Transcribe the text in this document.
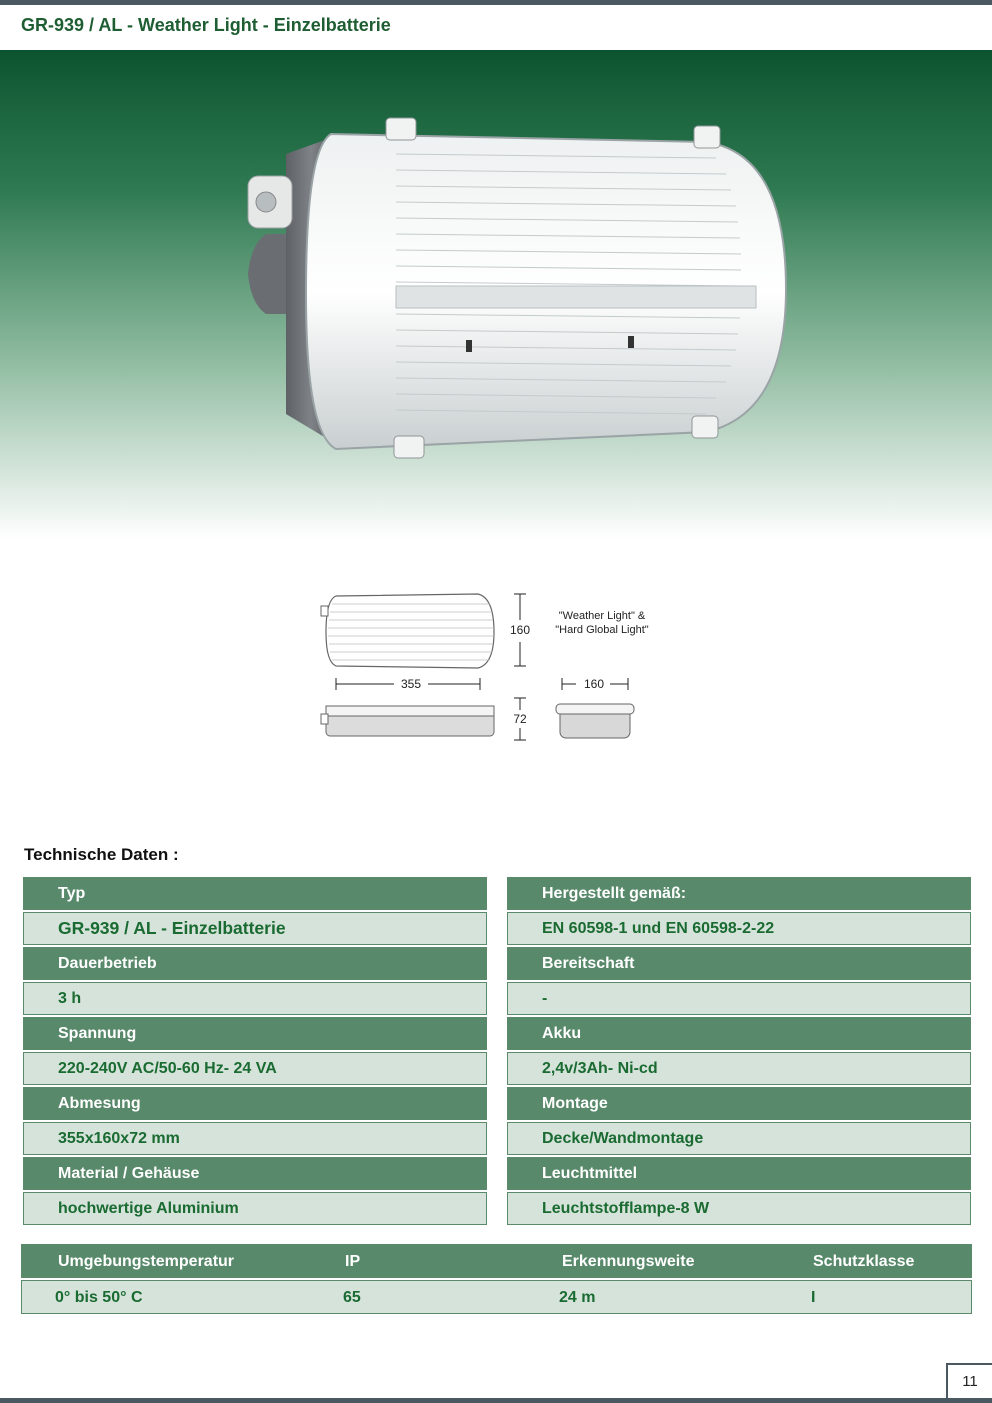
GR-939 / AL - Weather Light - Einzelbatterie
160
355
72
160
"Weather Light" &
"Hard Global Light"
Technische Daten :
Typ
GR-939 / AL - Einzelbatterie
Dauerbetrieb
3 h
Spannung
220-240V AC/50-60 Hz- 24 VA
Abmesung
355x160x72 mm
Material / Gehäuse
hochwertige Aluminium
Hergestellt gemäß:
EN 60598-1 und EN 60598-2-22
Bereitschaft
-
Akku
2,4v/3Ah- Ni-cd
Montage
Decke/Wandmontage
Leuchtmittel
Leuchtstofflampe-8 W
Umgebungstemperatur	IP	Erkennungsweite	Schutzklasse
0° bis 50° C	65	24 m	I
11
